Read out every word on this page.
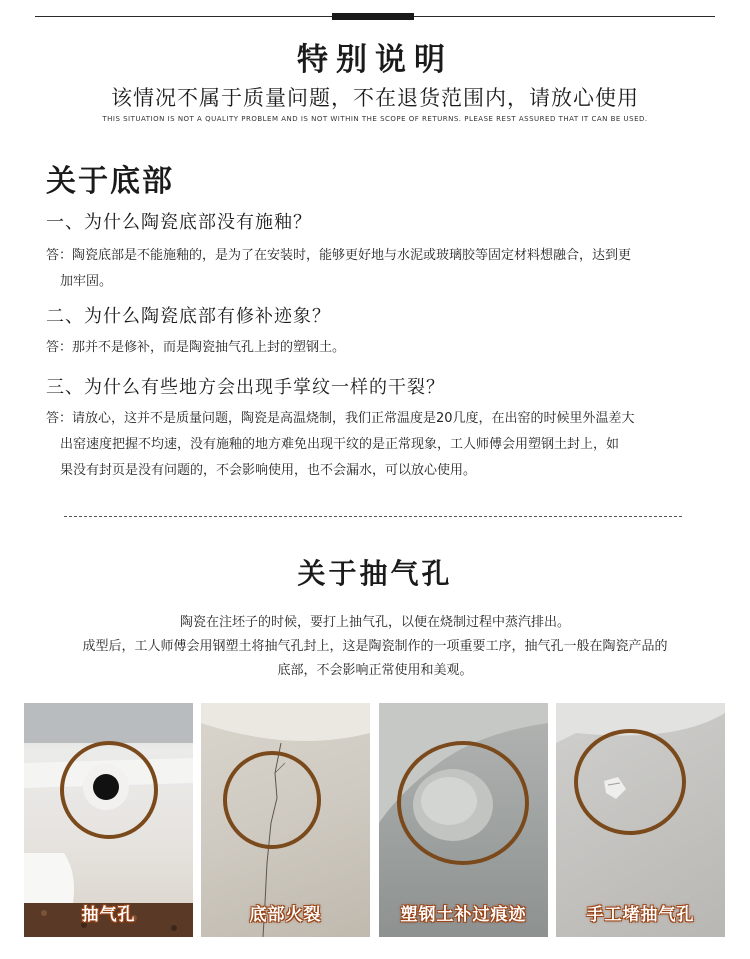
特别说明
该情况不属于质量问题，不在退货范围内，请放心使用
THIS SITUATION IS NOT A QUALITY PROBLEM AND IS NOT WITHIN THE SCOPE OF RETURNS. PLEASE REST ASSURED THAT IT CAN BE USED.
关于底部
一、为什么陶瓷底部没有施釉？
答：陶瓷底部是不能施釉的，是为了在安装时，能够更好地与水泥或玻璃胶等固定材料想融合，达到更
加牢固。
二、为什么陶瓷底部有修补迹象？
答：那并不是修补，而是陶瓷抽气孔上封的塑钢土。
三、为什么有些地方会出现手掌纹一样的干裂？
答：请放心，这并不是质量问题，陶瓷是高温烧制，我们正常温度是20几度，在出窑的时候里外温差大
出窑速度把握不均速，没有施釉的地方难免出现干纹的是正常现象，工人师傅会用塑钢土封上，如
果没有封页是没有问题的，不会影响使用，也不会漏水，可以放心使用。
关于抽气孔
陶瓷在注坯子的时候，要打上抽气孔，以便在烧制过程中蒸汽排出。
成型后，工人师傅会用钢塑土将抽气孔封上，这是陶瓷制作的一项重要工序，抽气孔一般在陶瓷产品的
底部，不会影响正常使用和美观。
抽气孔	底部火裂	塑钢土补过痕迹	手工堵抽气孔
